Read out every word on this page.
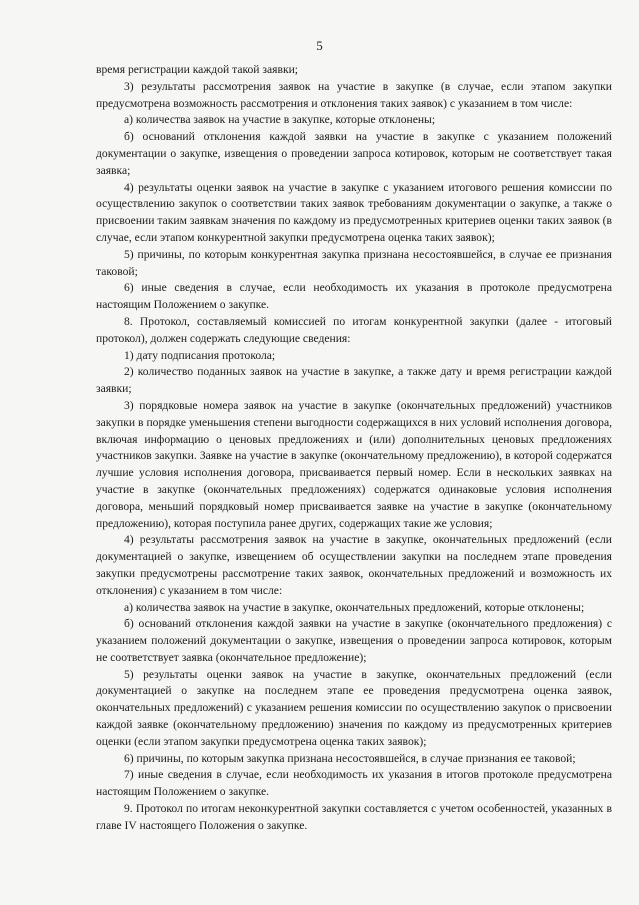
5

время регистрации каждой такой заявки;

3) результаты рассмотрения заявок на участие в закупке (в случае, если этапом закупки предусмотрена возможность рассмотрения и отклонения таких заявок) с указанием в том числе:

а) количества заявок на участие в закупке, которые отклонены;

б) оснований отклонения каждой заявки на участие в закупке с указанием положений документации о закупке, извещения о проведении запроса котировок, которым не соответствует такая заявка;

4) результаты оценки заявок на участие в закупке с указанием итогового решения комиссии по осуществлению закупок о соответствии таких заявок требованиям документации о закупке, а также о присвоении таким заявкам значения по каждому из предусмотренных критериев оценки таких заявок (в случае, если этапом конкурентной закупки предусмотрена оценка таких заявок);

5) причины, по которым конкурентная закупка признана несостоявшейся, в случае ее признания таковой;

6) иные сведения в случае, если необходимость их указания в протоколе предусмотрена настоящим Положением о закупке.

8. Протокол, составляемый комиссией по итогам конкурентной закупки (далее - итоговый протокол), должен содержать следующие сведения:

1) дату подписания протокола;

2) количество поданных заявок на участие в закупке, а также дату и время регистрации каждой заявки;

3) порядковые номера заявок на участие в закупке (окончательных предложений) участников закупки в порядке уменьшения степени выгодности содержащихся в них условий исполнения договора, включая информацию о ценовых предложениях и (или) дополнительных ценовых предложениях участников закупки. Заявке на участие в закупке (окончательному предложению), в которой содержатся лучшие условия исполнения договора, присваивается первый номер. Если в нескольких заявках на участие в закупке (окончательных предложениях) содержатся одинаковые условия исполнения договора, меньший порядковый номер присваивается заявке на участие в закупке (окончательному предложению), которая поступила ранее других, содержащих такие же условия;

4) результаты рассмотрения заявок на участие в закупке, окончательных предложений (если документацией о закупке, извещением об осуществлении закупки на последнем этапе проведения закупки предусмотрены рассмотрение таких заявок, окончательных предложений и возможность их отклонения) с указанием в том числе:

а) количества заявок на участие в закупке, окончательных предложений, которые отклонены;

б) оснований отклонения каждой заявки на участие в закупке (окончательного предложения) с указанием положений документации о закупке, извещения о проведении запроса котировок, которым не соответствует заявка (окончательное предложение);

5) результаты оценки заявок на участие в закупке, окончательных предложений (если документацией о закупке на последнем этапе ее проведения предусмотрена оценка заявок, окончательных предложений) с указанием решения комиссии по осуществлению закупок о присвоении каждой заявке (окончательному предложению) значения по каждому из предусмотренных критериев оценки (если этапом закупки предусмотрена оценка таких заявок);

6) причины, по которым закупка признана несостоявшейся, в случае признания ее таковой;

7) иные сведения в случае, если необходимость их указания в итогов протоколе предусмотрена настоящим Положением о закупке.

9. Протокол по итогам неконкурентной закупки составляется с учетом особенностей, указанных в главе IV настоящего Положения о закупке.
